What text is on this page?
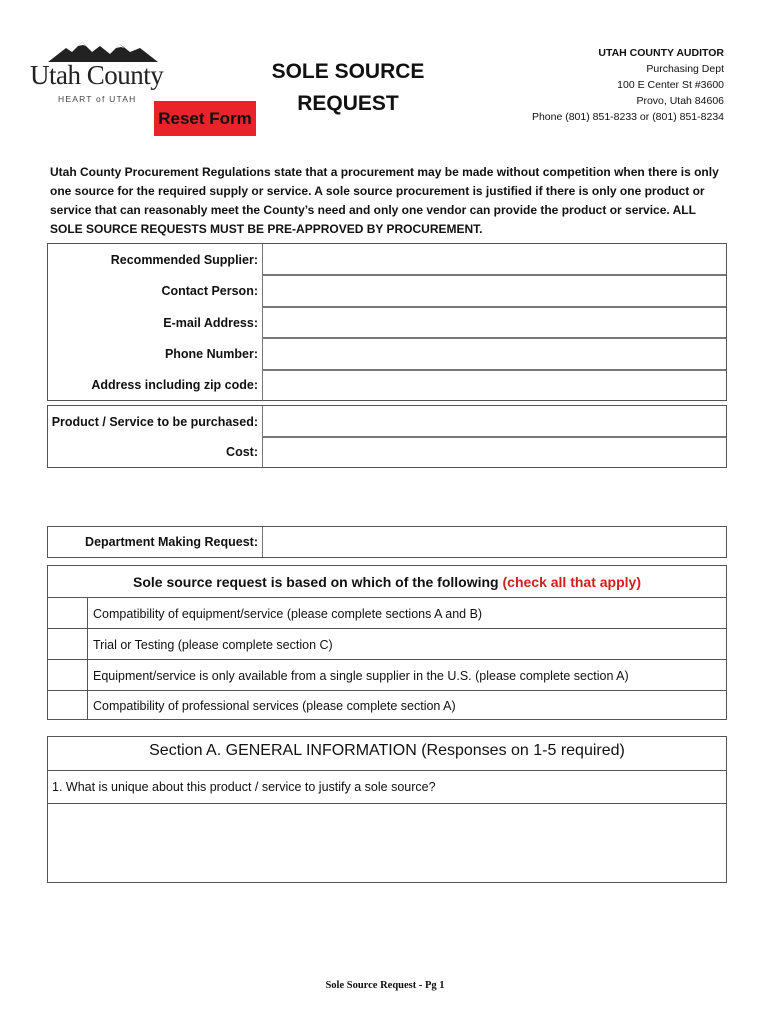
Utah County
HEART of UTAH
Reset Form
SOLE SOURCE
REQUEST
UTAH COUNTY AUDITOR
Purchasing Dept
100 E Center St #3600
Provo, Utah 84606
Phone (801) 851-8233 or (801) 851-8234
Utah County Procurement Regulations state that a procurement may be made without competition when there is only one source for the required supply or service. A sole source procurement is justified if there is only one product or service that can reasonably meet the County’s need and only one vendor can provide the product or service. ALL SOLE SOURCE REQUESTS MUST BE PRE-APPROVED BY PROCUREMENT.
Recommended Supplier:
Contact Person:
E-mail Address:
Phone Number:
Address including zip code:
Product / Service to be purchased:
Cost:
Department Making Request:
Sole source request is based on which of the following (check all that apply)
Compatibility of equipment/service (please complete sections A and B)
Trial or Testing (please complete section C)
Equipment/service is only available from a single supplier in the U.S. (please complete section A)
Compatibility of professional services (please complete section A)
Section A. GENERAL INFORMATION (Responses on 1-5 required)
1. What is unique about this product / service to justify a sole source?
Sole Source Request - Pg 1
